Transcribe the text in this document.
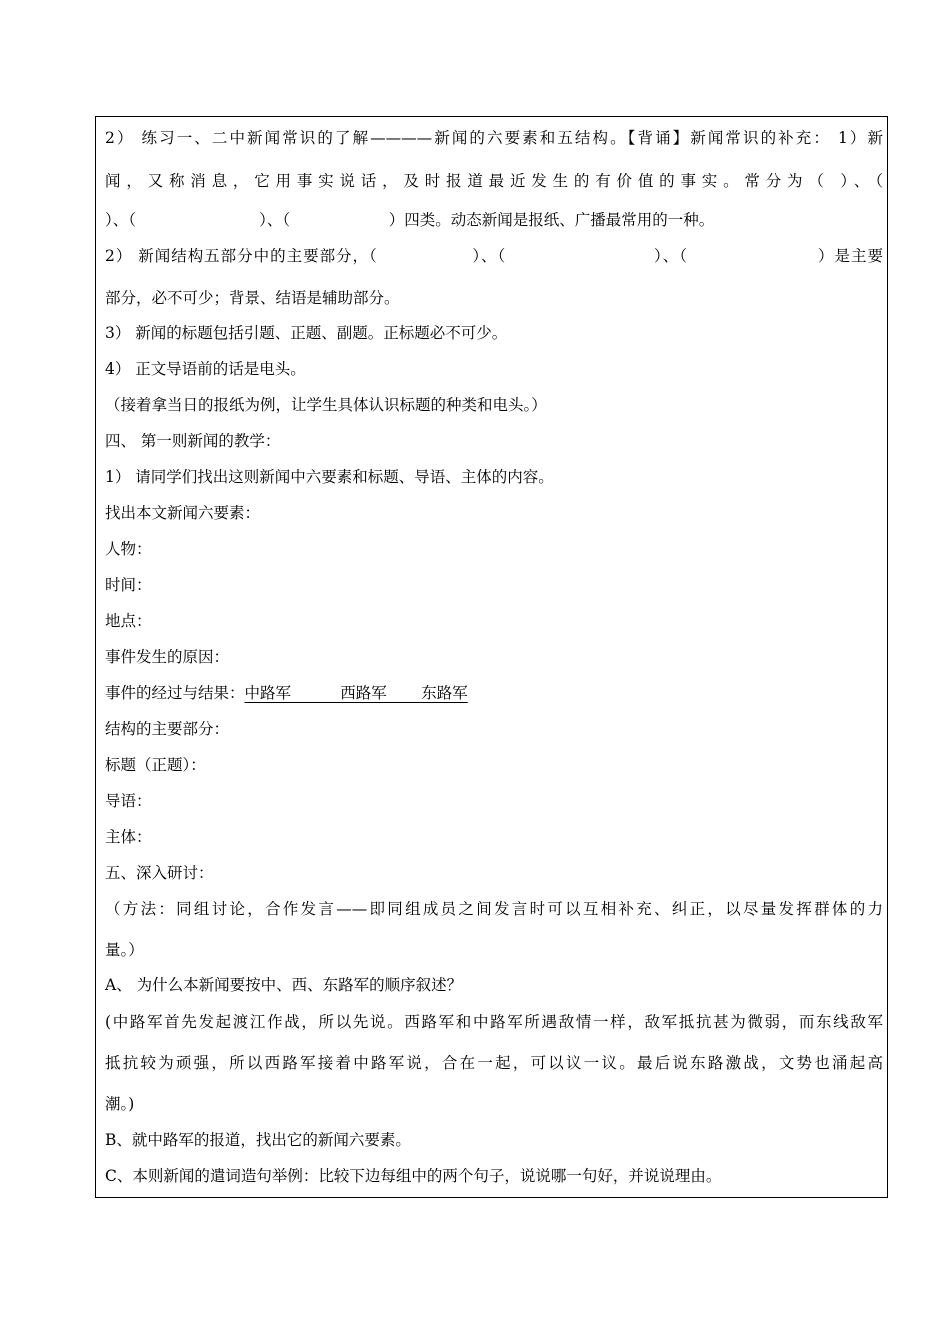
2） 练习一、二中新闻常识的了解————新闻的六要素和五结构。【背诵】新闻常识的补充： 1）新
闻，又称消息，它用事实说话，及时报道最近发生的有价值的事实。常分为（ ）、（
）、（                         ）、（                    ）四类。动态新闻是报纸、广播最常用的一种。
2） 新闻结构五部分中的主要部分，（                ）、（                         ）、（                      ）是主要
部分，必不可少；背景、结语是辅助部分。
3） 新闻的标题包括引题、正题、副题。正标题必不可少。
4） 正文导语前的话是电头。
（接着拿当日的报纸为例，让学生具体认识标题的种类和电头。）
四、 第一则新闻的教学：
1） 请同学们找出这则新闻中六要素和标题、导语、主体的内容。
找出本文新闻六要素：
人物：
时间：
地点：
事件发生的原因：
事件的经过与结果：中路军          西路军       东路军
结构的主要部分：
标题（正题）：
导语：
主体：
五、深入研讨：
（方法：同组讨论，合作发言——即同组成员之间发言时可以互相补充、纠正，以尽量发挥群体的力
量。）
A、 为什么本新闻要按中、西、东路军的顺序叙述？
(中路军首先发起渡江作战，所以先说。西路军和中路军所遇敌情一样，敌军抵抗甚为微弱，而东线敌军
抵抗较为顽强，所以西路军接着中路军说，合在一起，可以议一议。最后说东路激战，文势也涌起高
潮。)
B、就中路军的报道，找出它的新闻六要素。
C、本则新闻的遣词造句举例：比较下边每组中的两个句子，说说哪一句好，并说说理由。
